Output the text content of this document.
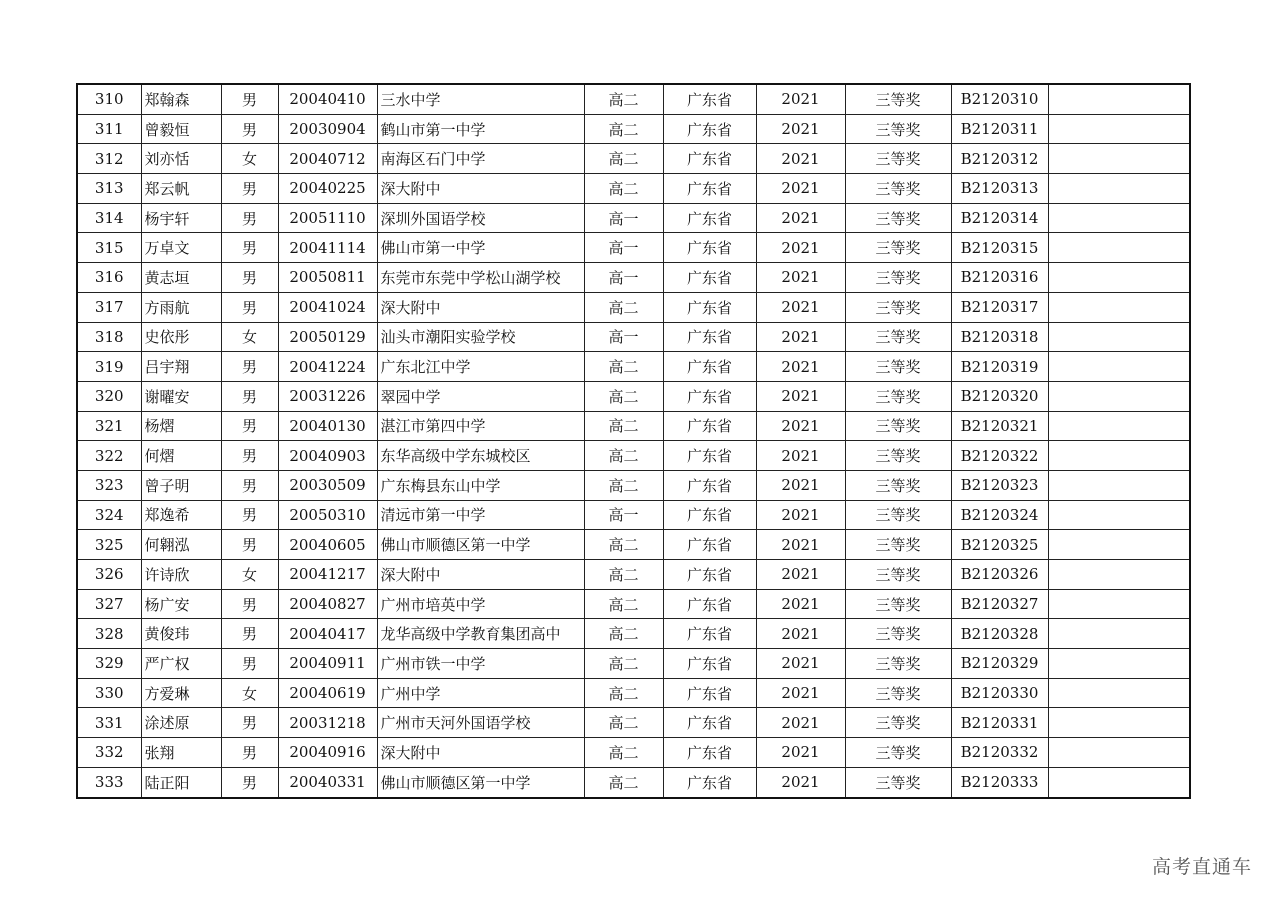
310	郑翰森	男	20040410	三水中学	高二	广东省	2021	三等奖	B2120310	
311	曾毅恒	男	20030904	鹤山市第一中学	高二	广东省	2021	三等奖	B2120311	
312	刘亦恬	女	20040712	南海区石门中学	高二	广东省	2021	三等奖	B2120312	
313	郑云帆	男	20040225	深大附中	高二	广东省	2021	三等奖	B2120313	
314	杨宇轩	男	20051110	深圳外国语学校	高一	广东省	2021	三等奖	B2120314	
315	万卓文	男	20041114	佛山市第一中学	高一	广东省	2021	三等奖	B2120315	
316	黄志垣	男	20050811	东莞市东莞中学松山湖学校	高一	广东省	2021	三等奖	B2120316	
317	方雨航	男	20041024	深大附中	高二	广东省	2021	三等奖	B2120317	
318	史依彤	女	20050129	汕头市潮阳实验学校	高一	广东省	2021	三等奖	B2120318	
319	吕宇翔	男	20041224	广东北江中学	高二	广东省	2021	三等奖	B2120319	
320	谢曜安	男	20031226	翠园中学	高二	广东省	2021	三等奖	B2120320	
321	杨熠	男	20040130	湛江市第四中学	高二	广东省	2021	三等奖	B2120321	
322	何熠	男	20040903	东华高级中学东城校区	高二	广东省	2021	三等奖	B2120322	
323	曾子明	男	20030509	广东梅县东山中学	高二	广东省	2021	三等奖	B2120323	
324	郑逸希	男	20050310	清远市第一中学	高一	广东省	2021	三等奖	B2120324	
325	何翱泓	男	20040605	佛山市顺德区第一中学	高二	广东省	2021	三等奖	B2120325	
326	许诗欣	女	20041217	深大附中	高二	广东省	2021	三等奖	B2120326	
327	杨广安	男	20040827	广州市培英中学	高二	广东省	2021	三等奖	B2120327	
328	黄俊玮	男	20040417	龙华高级中学教育集团高中	高二	广东省	2021	三等奖	B2120328	
329	严广权	男	20040911	广州市铁一中学	高二	广东省	2021	三等奖	B2120329	
330	方爱琳	女	20040619	广州中学	高二	广东省	2021	三等奖	B2120330	
331	涂述原	男	20031218	广州市天河外国语学校	高二	广东省	2021	三等奖	B2120331	
332	张翔	男	20040916	深大附中	高二	广东省	2021	三等奖	B2120332	
333	陆正阳	男	20040331	佛山市顺德区第一中学	高二	广东省	2021	三等奖	B2120333	
高考直通车
